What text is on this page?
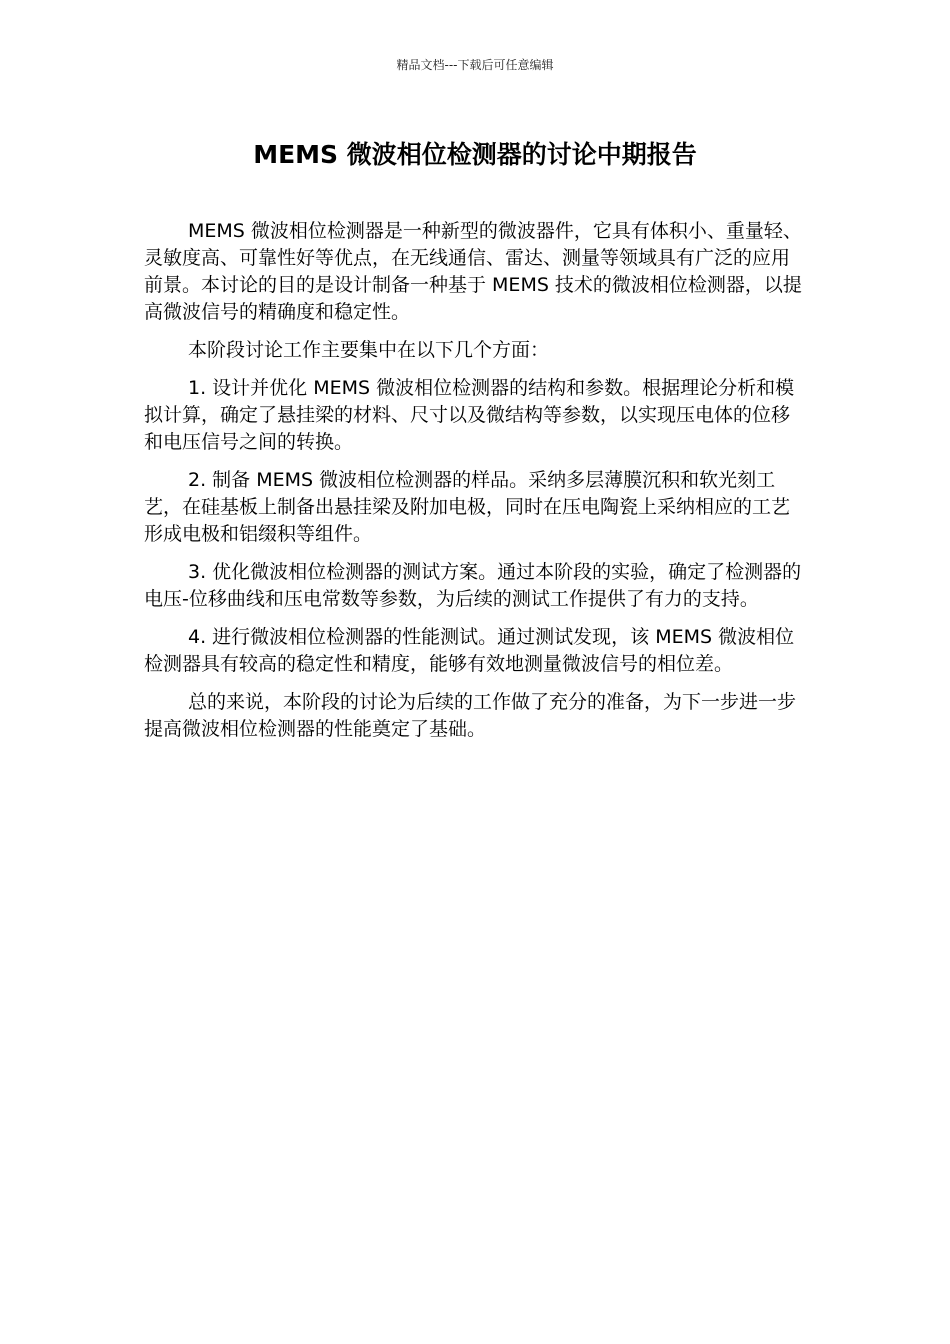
精品文档---下载后可任意编辑
MEMS 微波相位检测器的讨论中期报告

MEMS 微波相位检测器是一种新型的微波器件，它具有体积小、重量轻、灵敏度高、可靠性好等优点，在无线通信、雷达、测量等领域具有广泛的应用前景。本讨论的目的是设计制备一种基于 MEMS 技术的微波相位检测器，以提高微波信号的精确度和稳定性。

本阶段讨论工作主要集中在以下几个方面：

1. 设计并优化 MEMS 微波相位检测器的结构和参数。根据理论分析和模拟计算，确定了悬挂梁的材料、尺寸以及微结构等参数，以实现压电体的位移和电压信号之间的转换。

2. 制备 MEMS 微波相位检测器的样品。采纳多层薄膜沉积和软光刻工艺，在硅基板上制备出悬挂梁及附加电极，同时在压电陶瓷上采纳相应的工艺形成电极和铝缀积等组件。

3. 优化微波相位检测器的测试方案。通过本阶段的实验，确定了检测器的电压-位移曲线和压电常数等参数，为后续的测试工作提供了有力的支持。

4. 进行微波相位检测器的性能测试。通过测试发现，该 MEMS 微波相位检测器具有较高的稳定性和精度，能够有效地测量微波信号的相位差。

总的来说，本阶段的讨论为后续的工作做了充分的准备，为下一步进一步提高微波相位检测器的性能奠定了基础。
